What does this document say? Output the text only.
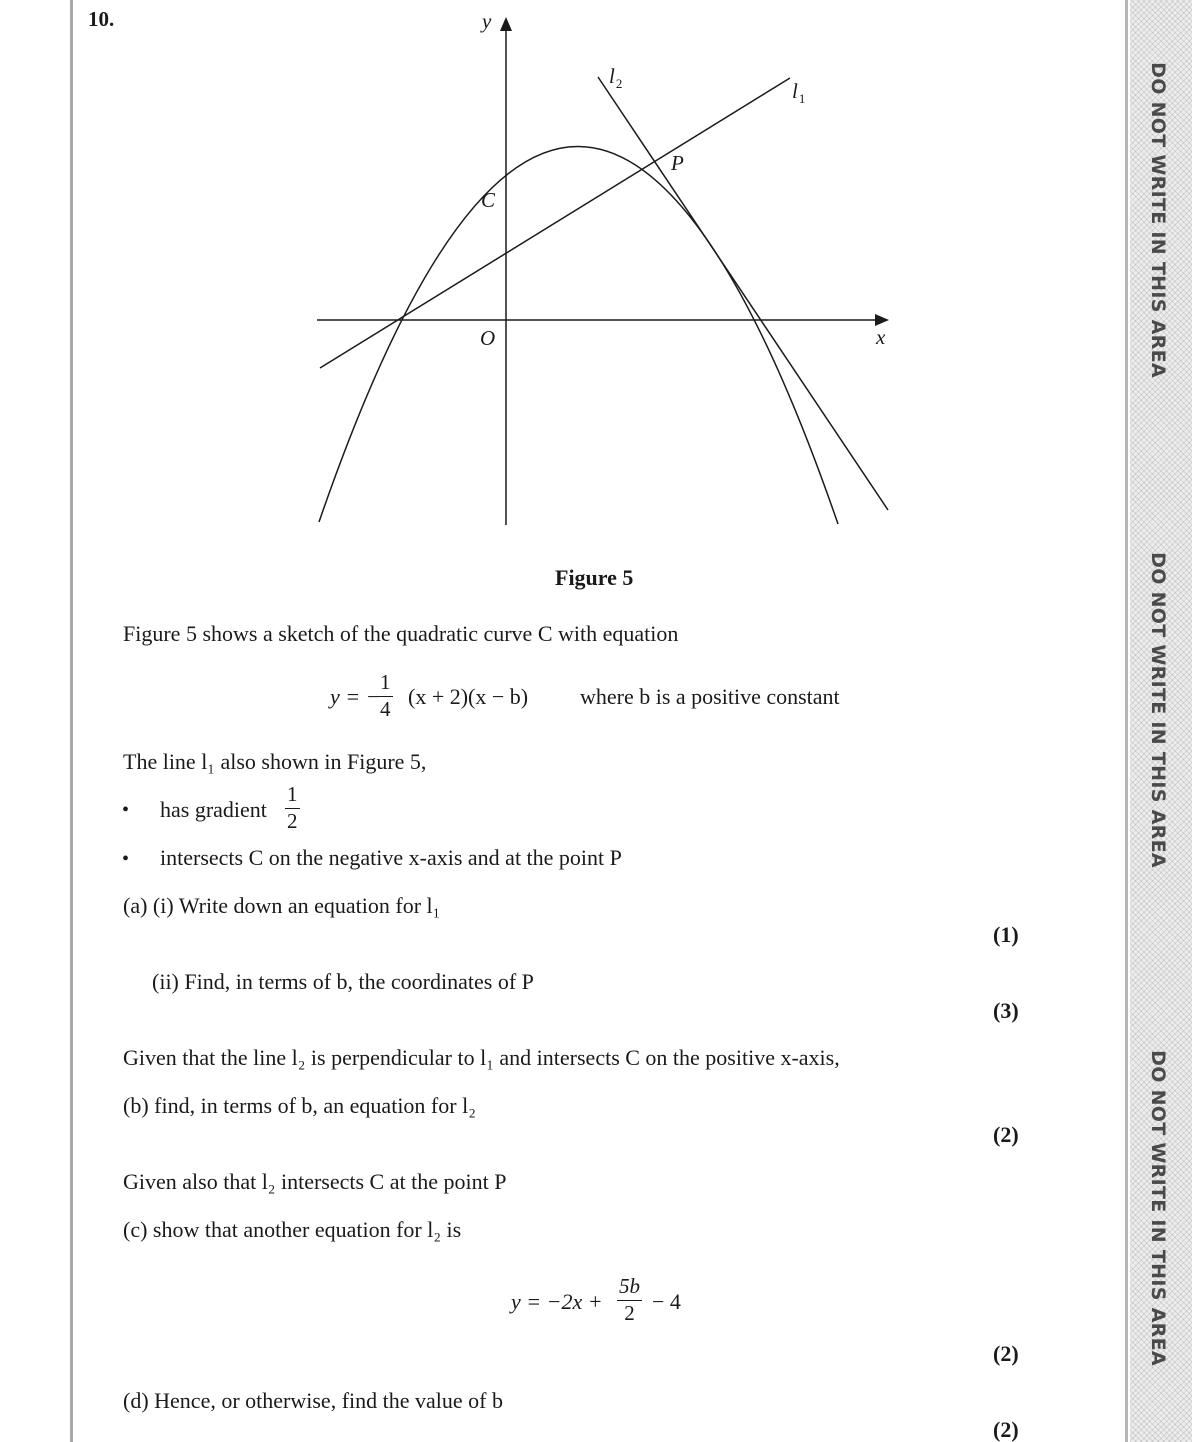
DO NOT WRITE IN THIS AREA
DO NOT WRITE IN THIS AREA
DO NOT WRITE IN THIS AREA
10.	y
x
O
C
P
$l_2$	$l_1$
Figure 5
Figure 5 shows a sketch of the quadratic curve C with equation
y = −
$\frac{1}{4} (x + 2)(x - b)$ where b is a positive constant
The line l₁ also shown in Figure 5,
• has gradient $\frac{1}{2}$
• intersects C on the negative x-axis and at the point P
(a) (i) Write down an equation for l₁
(1)
(ii) Find, in terms of b, the coordinates of P
(3)
Given that the line l₂ is perpendicular to l₁ and intersects C on the positive x-axis,
(b) find, in terms of b, an equation for l₂
(2)
Given also that l₂ intersects C at the point P
(c) show that another equation for l₂ is
$y = -2x + \frac{5b}{2} - 4$
(2)
(d) Hence, or otherwise, find the value of b
(2)
